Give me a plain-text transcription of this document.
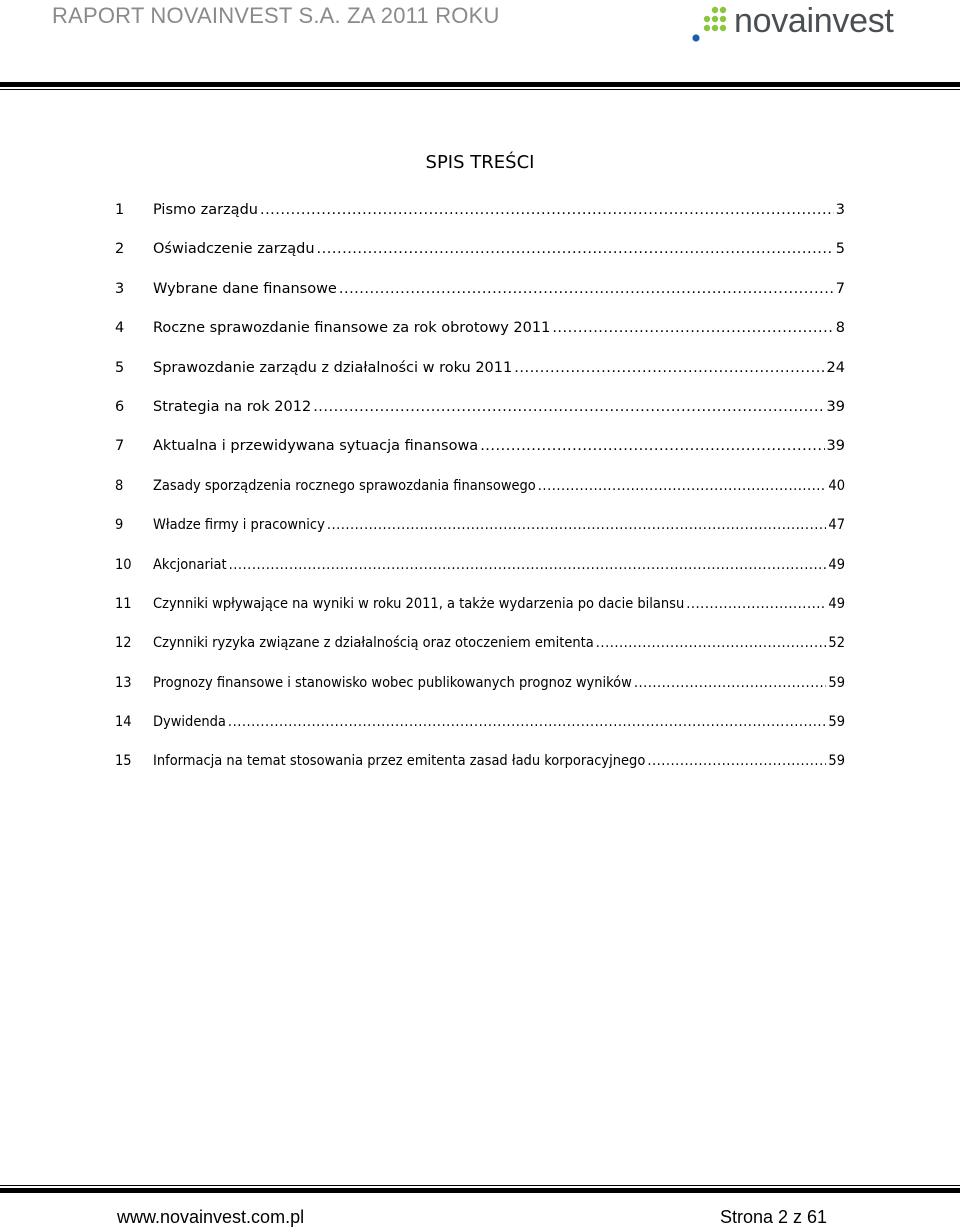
RAPORT NOVAINVEST S.A. ZA 2011 ROKU	novainvest
SPIS TREŚCI
1	Pismo zarządu .....	3
2	Oświadczenie zarządu .....	5
3	Wybrane dane finansowe .....	7
4	Roczne sprawozdanie finansowe za rok obrotowy 2011 .....	8
5	Sprawozdanie zarządu z działalności w roku 2011 .....	24
6	Strategia na rok 2012 .....	39
7	Aktualna i przewidywana sytuacja finansowa .....	39
8	Zasady sporządzenia rocznego sprawozdania finansowego .....	40
9	Władze firmy i pracownicy .....	47
10	Akcjonariat .....	49
11	Czynniki wpływające na wyniki w roku 2011, a także wydarzenia po dacie bilansu .....	49
12	Czynniki ryzyka związane z działalnością oraz otoczeniem emitenta .....	52
13	Prognozy finansowe i stanowisko wobec publikowanych prognoz wyników .....	59
14	Dywidenda .....	59
15	Informacja na temat stosowania przez emitenta zasad ładu korporacyjnego .....	59
www.novainvest.com.pl	Strona 2 z 61
